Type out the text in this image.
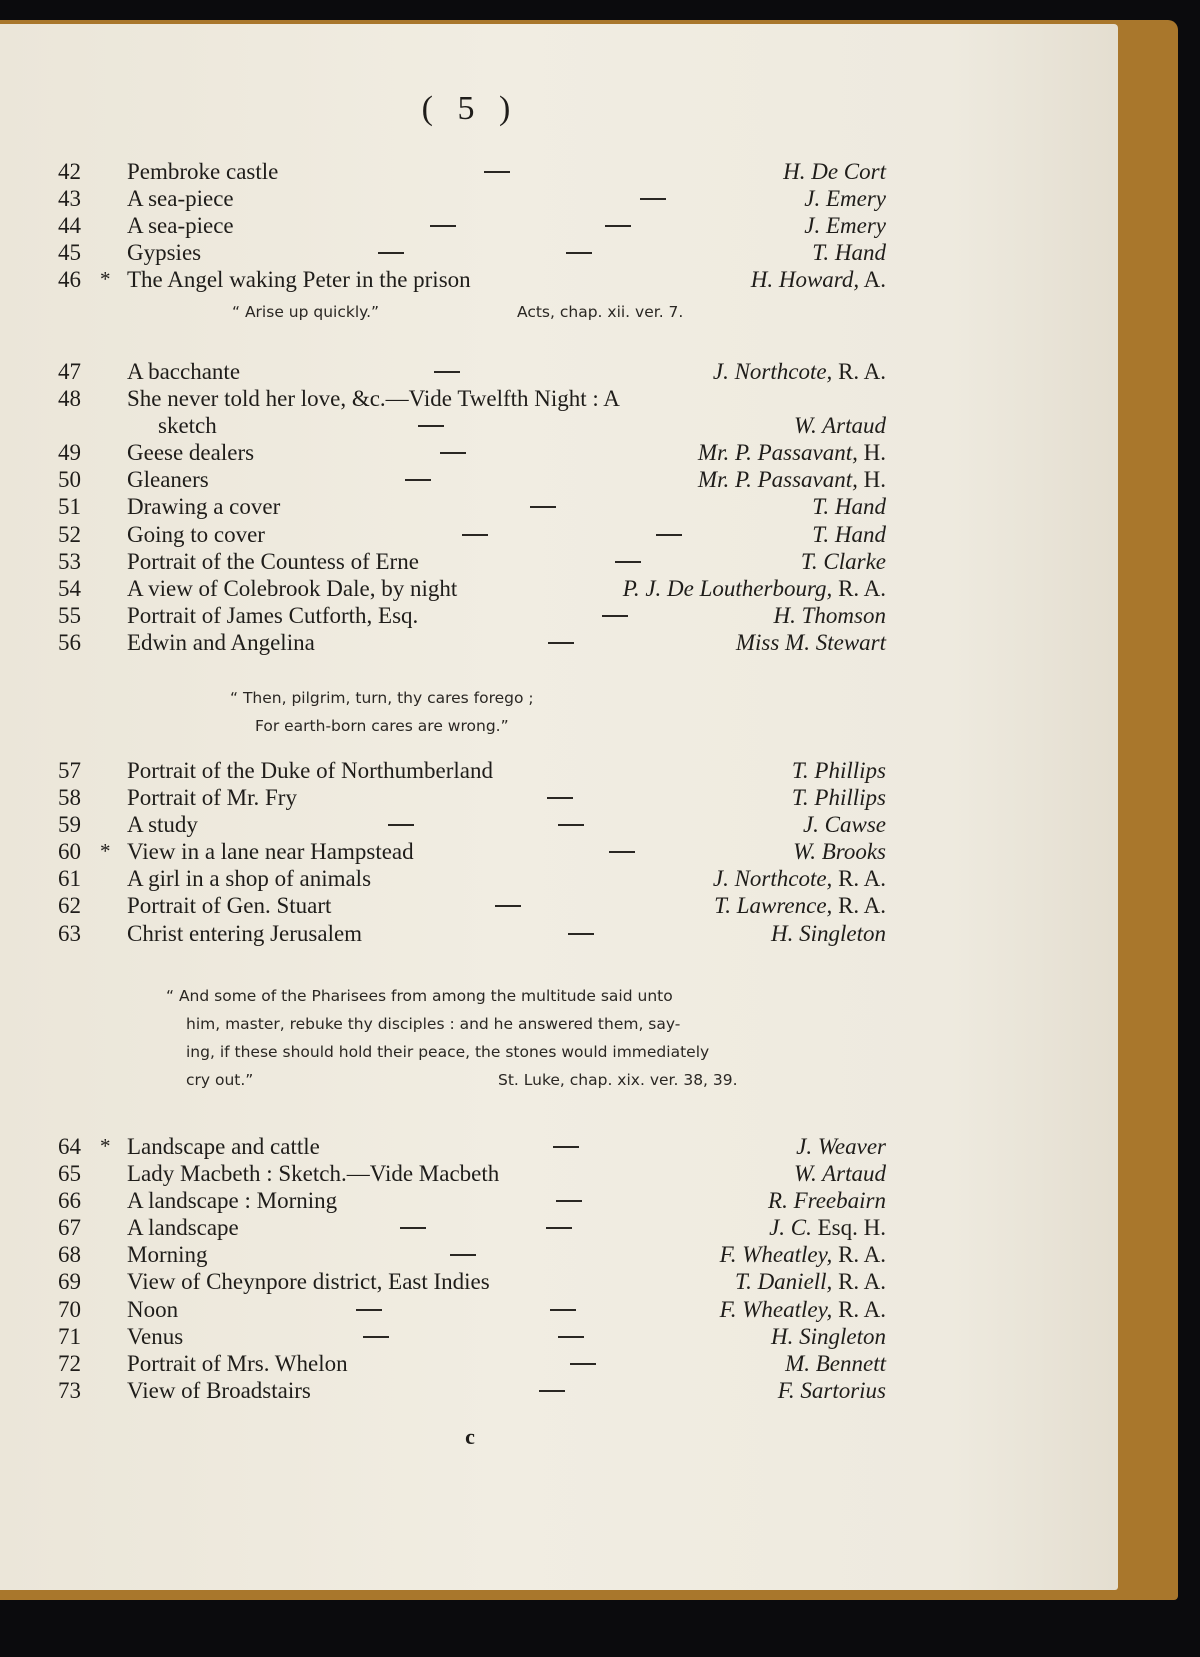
( 5 )
42 Pembroke castle	H. De Cort
43 A sea-piece	J. Emery
44 A sea-piece	J. Emery
45 Gypsies	T. Hand
46 * The Angel waking Peter in the prison	H. Howard, A.
“ Arise up quickly.”	Acts, chap. xii. ver. 7.
47 A bacchante	J. Northcote, R. A.
48 She never told her love, &c.—Vide Twelfth Night : A
sketch	W. Artaud
49 Geese dealers	Mr. P. Passavant, H.
50 Gleaners	Mr. P. Passavant, H.
51 Drawing a cover	T. Hand
52 Going to cover	T. Hand
53 Portrait of the Countess of Erne	T. Clarke
54 A view of Colebrook Dale, by night	P. J. De Loutherbourg, R. A.
55 Portrait of James Cutforth, Esq.	H. Thomson
56 Edwin and Angelina	Miss M. Stewart
“ Then, pilgrim, turn, thy cares forego ;
For earth-born cares are wrong.”
57 Portrait of the Duke of Northumberland	T. Phillips
58 Portrait of Mr. Fry	T. Phillips
59 A study	J. Cawse
60 * View in a lane near Hampstead	W. Brooks
61 A girl in a shop of animals	J. Northcote, R. A.
62 Portrait of Gen. Stuart	T. Lawrence, R. A.
63 Christ entering Jerusalem	H. Singleton
“ And some of the Pharisees from among the multitude said unto
him, master, rebuke thy disciples : and he answered them, say-
ing, if these should hold their peace, the stones would immediately
cry out.”	St. Luke, chap. xix. ver. 38, 39.
64 * Landscape and cattle	J. Weaver
65 Lady Macbeth : Sketch.—Vide Macbeth	W. Artaud
66 A landscape : Morning	R. Freebairn
67 A landscape	J. C. Esq. H.
68 Morning	F. Wheatley, R. A.
69 View of Cheynpore district, East Indies	T. Daniell, R. A.
70 Noon	F. Wheatley, R. A.
71 Venus	H. Singleton
72 Portrait of Mrs. Whelon	M. Bennett
73 View of Broadstairs	F. Sartorius
c
